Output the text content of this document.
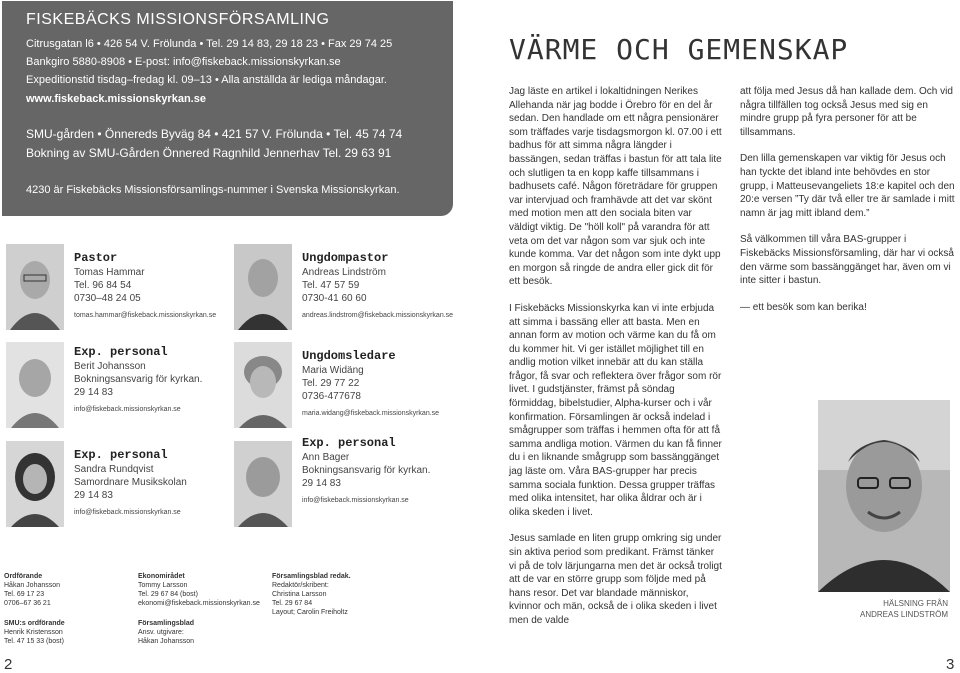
FISKEBÄCKS MISSIONSFÖRSAMLING
Citrusgatan l6 • 426 54 V. Frölunda • Tel. 29 14 83, 29 18 23 • Fax 29 74 25
Bankgiro 5880-8908 • E-post: info@fiskeback.missionskyrkan.se
Expeditionstid tisdag–fredag kl. 09–13 • Alla anställda är lediga måndagar.
www.fiskeback.missionskyrkan.se
SMU-gården • Önnereds Byväg 84 • 421 57 V. Frölunda • Tel. 45 74 74
Bokning av SMU-Gården Önnered Ragnhild Jennerhav Tel. 29 63 91
4230 är Fiskebäcks Missionsförsamlings-nummer i Svenska Missionskyrkan.
Pastor
Tomas Hammar
Tel. 96 84 54
0730–48 24 05
tomas.hammar@fiskeback.missionskyrkan.se
Exp. personal
Berit Johansson
Bokningsansvarig för kyrkan.
29 14 83
info@fiskeback.missionskyrkan.se
Exp. personal
Sandra Rundqvist
Samordnare Musikskolan
29 14 83
info@fiskeback.missionskyrkan.se
Ungdompastor
Andreas Lindström
Tel. 47 57 59
0730-41 60 60
andreas.lindstrom@fiskeback.missionskyrkan.se
Ungdomsledare
Maria Widäng
Tel. 29 77 22
0736-477678
maria.widang@fiskeback.missionskyrkan.se
Exp. personal
Ann Bager
Bokningsansvarig för kyrkan.
29 14 83
info@fiskeback.missionskyrkan.se
Ordförande
Håkan Johansson
Tel. 69 17 23
0706–67 36 21
SMU:s ordförande
Henrik Kristensson
Tel. 47 15 33 (bost)
Ekonomirådet
Tommy Larsson
Tel. 29 67 84 (bost)
ekonomi@fiskeback.missionskyrkan.se
Församlingsblad
Ansv. utgivare:
Håkan Johansson
Församlingsblad redak.
Redaktör/skribent:
Christina Larsson
Tel. 29 67 84
Layout; Carolin Freiholtz
2
VÄRME OCH GEMENSKAP

Jag läste en artikel i lokaltidningen Nerikes Allehanda när jag bodde i Örebro för en del år sedan. Den handlade om ett några pensionärer som träffades varje tisdagsmorgon kl. 07.00 i ett badhus för att simma några längder i bassängen, sedan träffas i bastun för att tala lite och slutligen ta en kopp kaffe tillsammans i badhusets café. Någon företrädare för gruppen var intervjuad och framhävde att det var skönt med motion men att den sociala biten var väldigt viktig. De "höll koll" på varandra för att veta om det var någon som var sjuk och inte kunde komma. Var det någon som inte dykt upp en morgon så ringde de andra eller gick dit för ett besök.

I Fiskebäcks Missionskyrka kan vi inte erbjuda att simma i bassäng eller att basta. Men en annan form av motion och värme kan du få om du kommer hit. Vi ger istället möjlighet till en andlig motion vilket innebär att du kan ställa frågor, få svar och reflektera över frågor som rör livet. I gudstjänster, främst på söndag förmiddag, bibelstudier, Alpha-kurser och i vår konfirmation. Församlingen är också indelad i smågrupper som träffas i hemmen ofta för att få samma andliga motion. Värmen du kan få finner du i en liknande smågrupp som bassänggänget jag läste om. Våra BAS-grupper har precis samma sociala funktion. Dessa grupper träffas med olika intensitet, har olika åldrar och är i olika skeden i livet.

Jesus samlade en liten grupp omkring sig under sin aktiva period som predikant. Främst tänker vi på de tolv lärjungarna men det är också troligt att de var en större grupp som följde med på hans resor. Det var blandade människor, kvinnor och män, också de i olika skeden i livet men de valde

att följa med Jesus då han kallade dem. Och vid några tillfällen tog också Jesus med sig en mindre grupp på fyra personer för att be tillsammans.

Den lilla gemenskapen var viktig för Jesus och han tyckte det ibland inte behövdes en stor grupp, i Matteusevangeliets 18:e kapitel och den 20:e versen ”Ty där två eller tre är samlade i mitt namn är jag mitt ibland dem.”

Så välkommen till våra BAS-grupper i Fiskebäcks Missionsförsamling, där har vi också den värme som bassänggänget har, även om vi inte sitter i bastun.

— ett besök som kan berika!

HÄLSNING FRÅN
ANDREAS LINDSTRÖM
3
